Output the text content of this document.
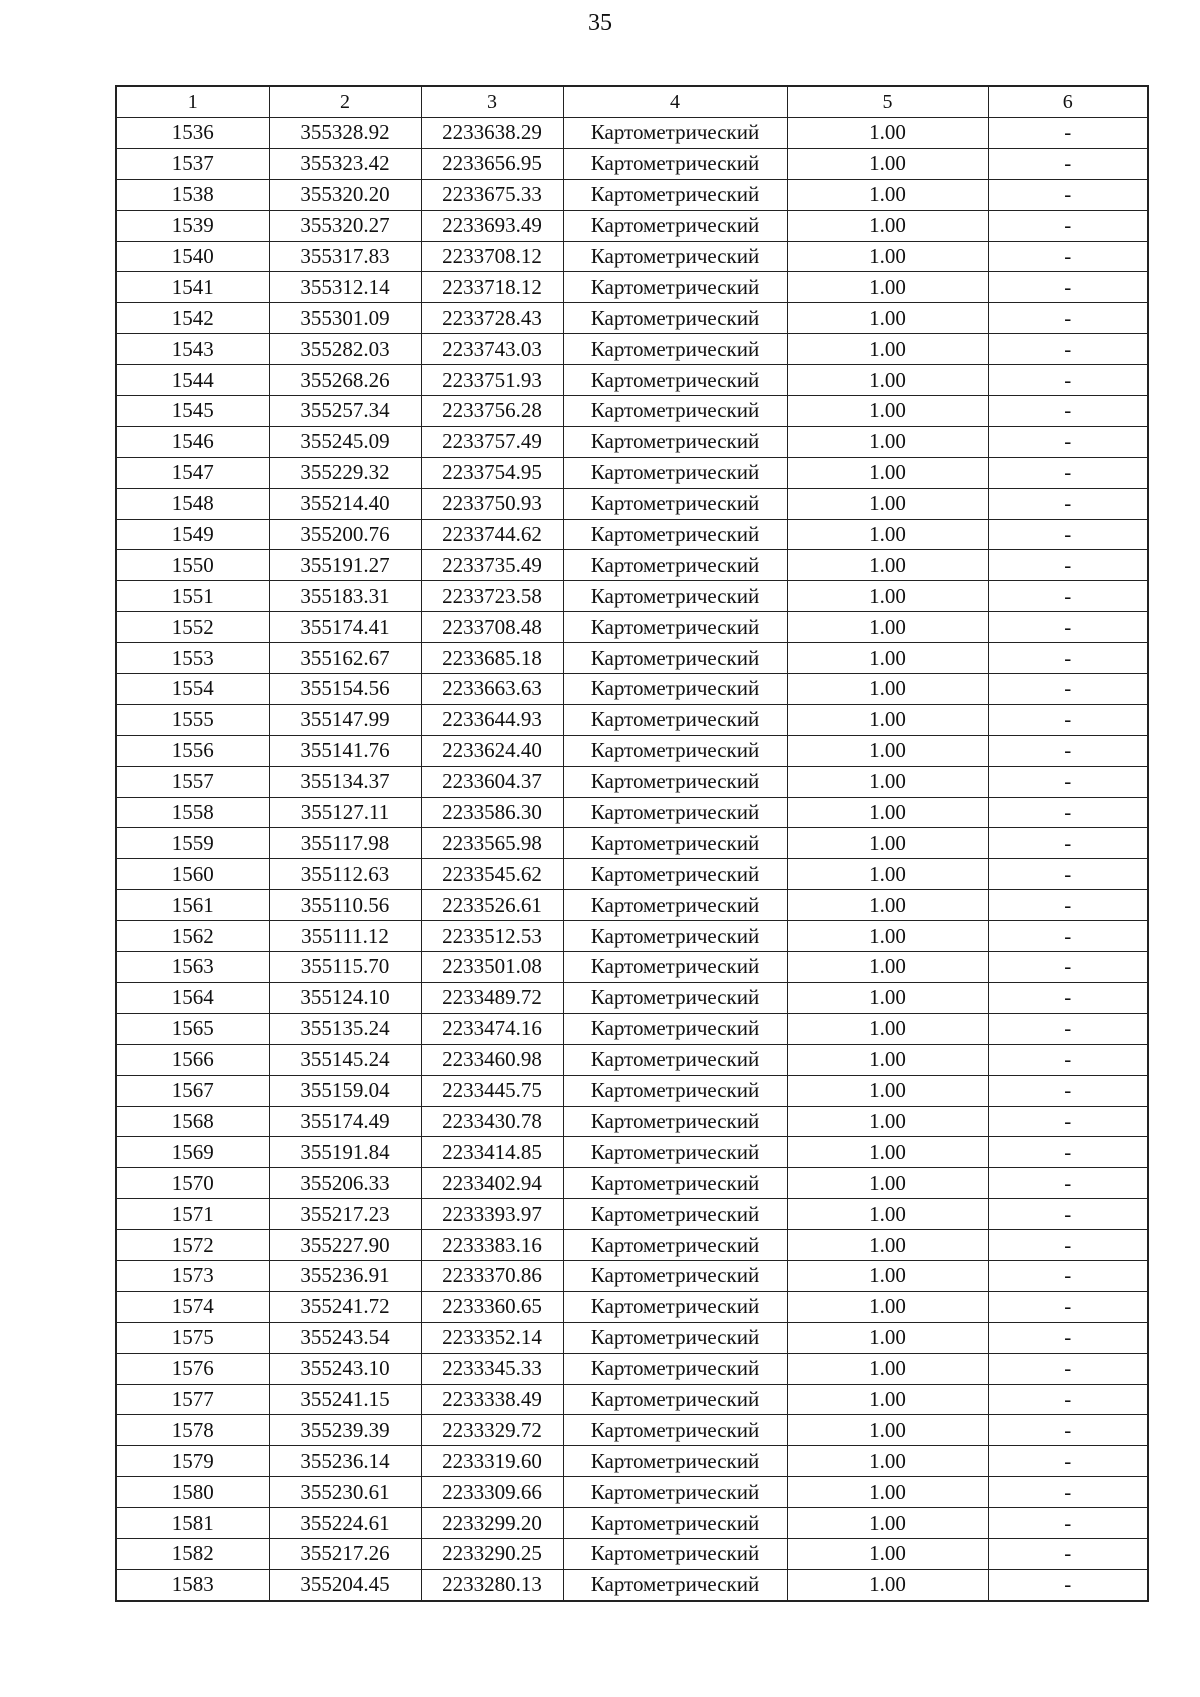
35
1	2	3	4	5	6
1536	355328.92	2233638.29	Картометрический	1.00	-
1537	355323.42	2233656.95	Картометрический	1.00	-
1538	355320.20	2233675.33	Картометрический	1.00	-
1539	355320.27	2233693.49	Картометрический	1.00	-
1540	355317.83	2233708.12	Картометрический	1.00	-
1541	355312.14	2233718.12	Картометрический	1.00	-
1542	355301.09	2233728.43	Картометрический	1.00	-
1543	355282.03	2233743.03	Картометрический	1.00	-
1544	355268.26	2233751.93	Картометрический	1.00	-
1545	355257.34	2233756.28	Картометрический	1.00	-
1546	355245.09	2233757.49	Картометрический	1.00	-
1547	355229.32	2233754.95	Картометрический	1.00	-
1548	355214.40	2233750.93	Картометрический	1.00	-
1549	355200.76	2233744.62	Картометрический	1.00	-
1550	355191.27	2233735.49	Картометрический	1.00	-
1551	355183.31	2233723.58	Картометрический	1.00	-
1552	355174.41	2233708.48	Картометрический	1.00	-
1553	355162.67	2233685.18	Картометрический	1.00	-
1554	355154.56	2233663.63	Картометрический	1.00	-
1555	355147.99	2233644.93	Картометрический	1.00	-
1556	355141.76	2233624.40	Картометрический	1.00	-
1557	355134.37	2233604.37	Картометрический	1.00	-
1558	355127.11	2233586.30	Картометрический	1.00	-
1559	355117.98	2233565.98	Картометрический	1.00	-
1560	355112.63	2233545.62	Картометрический	1.00	-
1561	355110.56	2233526.61	Картометрический	1.00	-
1562	355111.12	2233512.53	Картометрический	1.00	-
1563	355115.70	2233501.08	Картометрический	1.00	-
1564	355124.10	2233489.72	Картометрический	1.00	-
1565	355135.24	2233474.16	Картометрический	1.00	-
1566	355145.24	2233460.98	Картометрический	1.00	-
1567	355159.04	2233445.75	Картометрический	1.00	-
1568	355174.49	2233430.78	Картометрический	1.00	-
1569	355191.84	2233414.85	Картометрический	1.00	-
1570	355206.33	2233402.94	Картометрический	1.00	-
1571	355217.23	2233393.97	Картометрический	1.00	-
1572	355227.90	2233383.16	Картометрический	1.00	-
1573	355236.91	2233370.86	Картометрический	1.00	-
1574	355241.72	2233360.65	Картометрический	1.00	-
1575	355243.54	2233352.14	Картометрический	1.00	-
1576	355243.10	2233345.33	Картометрический	1.00	-
1577	355241.15	2233338.49	Картометрический	1.00	-
1578	355239.39	2233329.72	Картометрический	1.00	-
1579	355236.14	2233319.60	Картометрический	1.00	-
1580	355230.61	2233309.66	Картометрический	1.00	-
1581	355224.61	2233299.20	Картометрический	1.00	-
1582	355217.26	2233290.25	Картометрический	1.00	-
1583	355204.45	2233280.13	Картометрический	1.00	-
